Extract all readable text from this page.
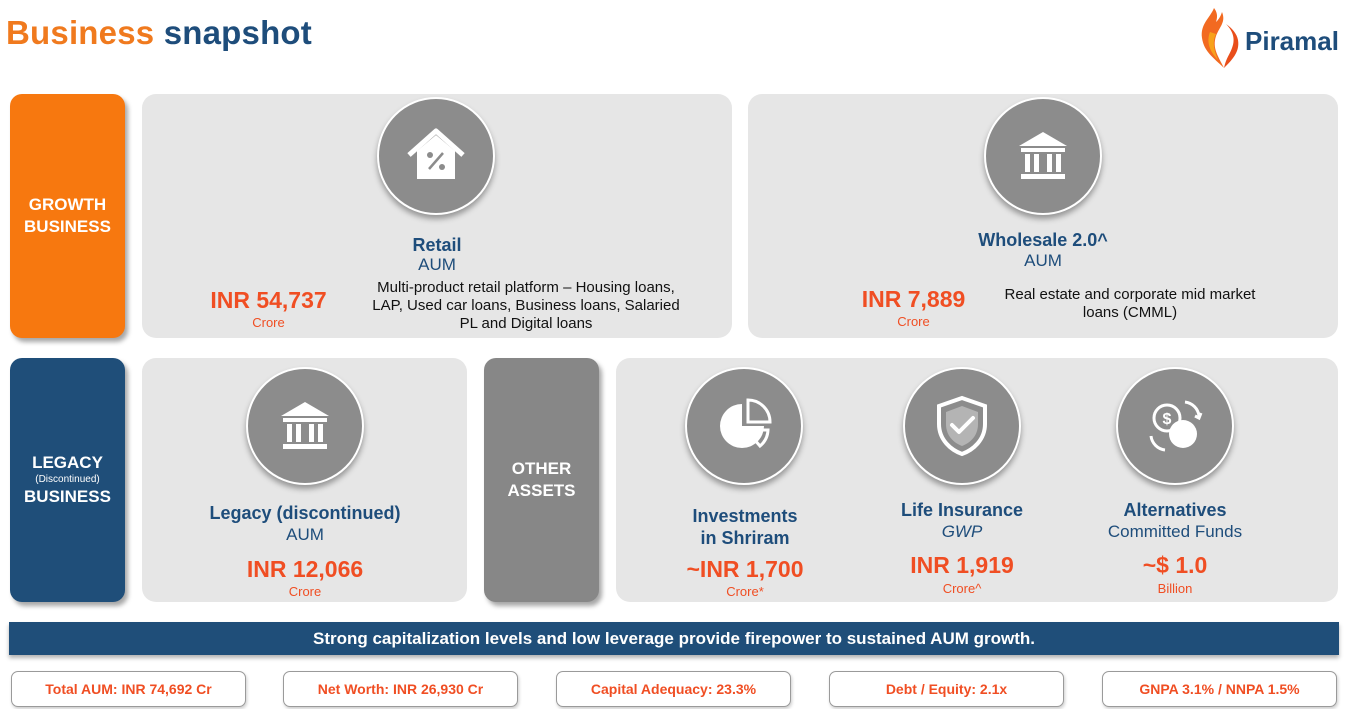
Business snapshot	Piramal
GROWTH
BUSINESS
LEGACY
(Discontinued)
BUSINESS
OTHER
ASSETS
Retail
AUM
INR 54,737
Crore
Multi-product retail platform – Housing loans,
LAP, Used car loans, Business loans, Salaried
PL and Digital loans
Wholesale 2.0^
AUM
INR 7,889
Crore
Real estate and corporate mid market
loans (CMML)
Legacy (discontinued)
AUM
INR 12,066
Crore
Investments
in Shriram
~INR 1,700
Crore*
Life Insurance
GWP
INR 1,919
Crore^
$
Alternatives
Committed Funds
~$ 1.0
Billion
Strong capitalization levels and low leverage provide firepower to sustained AUM growth.
Total AUM: INR 74,692 Cr	Net Worth: INR 26,930 Cr	Capital Adequacy: 23.3%	Debt / Equity: 2.1x	GNPA 3.1% / NNPA 1.5%
